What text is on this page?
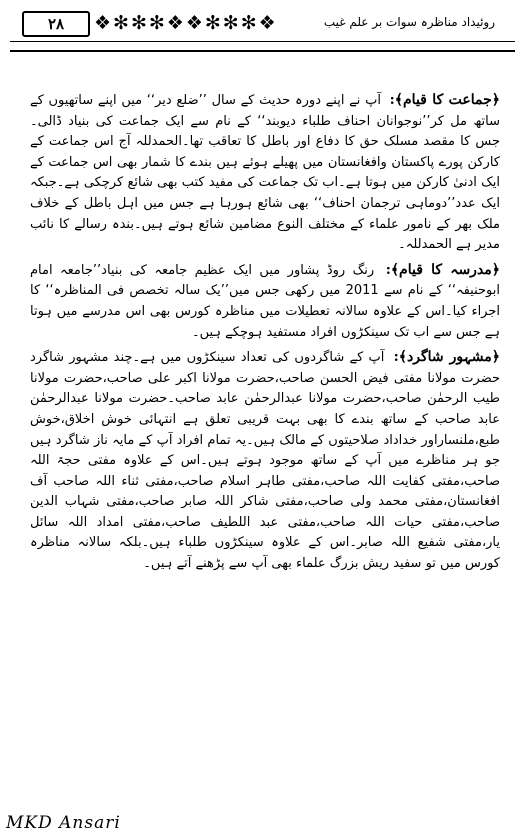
۲۸	❖✻✻✻❖❖✻✻✻❖	روئیداد مناظرہ سوات بر علم غیب

﴿جماعت کا قیام﴾: آپ نے اپنے دورہ حدیث کے سال ’’ضلع دیر‘‘ میں اپنے ساتھیوں کے ساتھ مل کر’’نوجوانان احناف طلباء دیوبند‘‘ کے نام سے ایک جماعت کی بنیاد ڈالی۔ جس کا مقصد مسلک حق کا دفاع اور باطل کا تعاقب تھا۔الحمدللہ آج اس جماعت کے کارکن پورے پاکستان وافغانستان میں پھیلے ہوئے ہیں بندے کا شمار بھی اس جماعت کے ایک ادنیٰ کارکن میں ہوتا ہے۔اب تک جماعت کی مفید کتب بھی شائع کرچکی ہے۔جبکہ ایک عدد’’دوماہی ترجمان احناف‘‘ بھی شائع ہورہا ہے جس میں اہل باطل کے خلاف ملک بھر کے نامور علماء کے مختلف النوع مضامین شائع ہوتے ہیں۔بندہ رسالے کا نائب مدیر ہے الحمدللہ۔

﴿مدرسہ کا قیام﴾: رنگ روڈ پشاور میں ایک عظیم جامعہ کی بنیاد’’جامعہ امام ابوحنیفہ‘‘ کے نام سے 2011 میں رکھی جس میں’’یک سالہ تخصص فی المناظرہ‘‘ کا اجراء کیا۔اس کے علاوہ سالانہ تعطیلات میں مناظرہ کورس بھی اس مدرسے میں ہوتا ہے جس سے اب تک سینکڑوں افراد مستفید ہوچکے ہیں۔

﴿مشہور شاگرد﴾: آپ کے شاگردوں کی تعداد سینکڑوں میں ہے۔چند مشہور شاگرد حضرت مولانا مفتی فیض الحسن صاحب،حضرت مولانا اکبر علی صاحب،حضرت مولانا طیب الرحمٰن صاحب،حضرت مولانا عبدالرحمٰن عابد صاحب۔حضرت مولانا عبدالرحمٰن عابد صاحب کے ساتھ بندے کا بھی بہت قریبی تعلق ہے انتہائی خوش اخلاق،خوش طبع،ملنساراور خداداد صلاحیتوں کے مالک ہیں۔یہ تمام افراد آپ کے مایہ ناز شاگرد ہیں جو ہر مناظرے میں آپ کے ساتھ موجود ہوتے ہیں۔اس کے علاوہ مفتی حجۃ اللہ صاحب،مفتی کفایت اللہ صاحب،مفتی طاہر اسلام صاحب،مفتی ثناء اللہ صاحب آف افغانستان،مفتی محمد ولی صاحب،مفتی شاکر اللہ صابر صاحب،مفتی شہاب الدین صاحب،مفتی حیات اللہ صاحب،مفتی عبد اللطیف صاحب،مفتی امداد اللہ سائل یار،مفتی شفیع اللہ صابر۔اس کے علاوہ سینکڑوں طلباء ہیں۔بلکہ سالانہ مناظرہ کورس میں تو سفید ریش بزرگ علماء بھی آپ سے پڑھنے آتے ہیں۔

MKD Ansari
